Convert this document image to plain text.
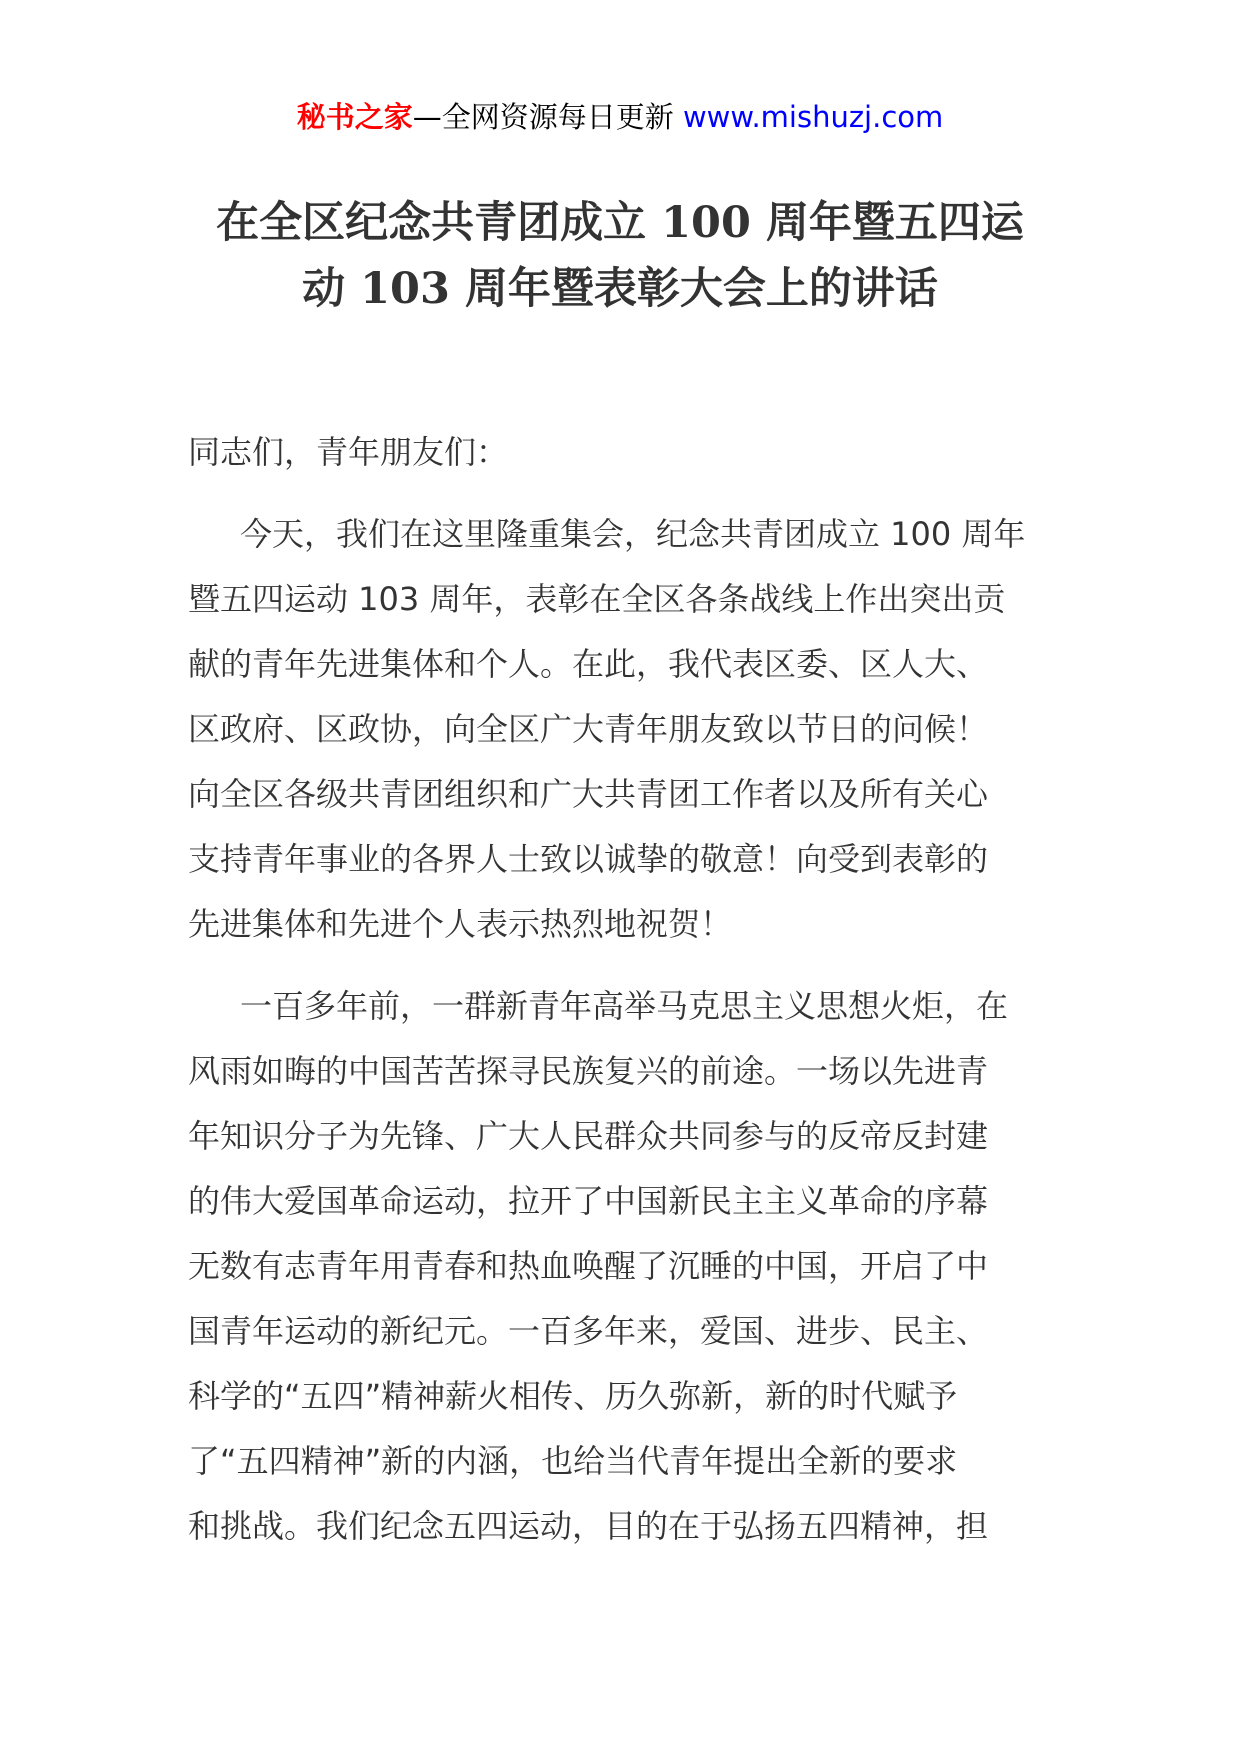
秘书之家—全网资源每日更新 www.mishuzj.com
在全区纪念共青团成立 100 周年暨五四运
动 103 周年暨表彰大会上的讲话
同志们，青年朋友们：
今天，我们在这里隆重集会，纪念共青团成立 100 周年
暨五四运动 103 周年，表彰在全区各条战线上作出突出贡
献的青年先进集体和个人。在此，我代表区委、区人大、
区政府、区政协，向全区广大青年朋友致以节日的问候！
向全区各级共青团组织和广大共青团工作者以及所有关心
支持青年事业的各界人士致以诚挚的敬意！向受到表彰的
先进集体和先进个人表示热烈地祝贺！
一百多年前，一群新青年高举马克思主义思想火炬，在
风雨如晦的中国苦苦探寻民族复兴的前途。一场以先进青
年知识分子为先锋、广大人民群众共同参与的反帝反封建
的伟大爱国革命运动，拉开了中国新民主主义革命的序幕
无数有志青年用青春和热血唤醒了沉睡的中国，开启了中
国青年运动的新纪元。一百多年来，爱国、进步、民主、
科学的“五四”精神薪火相传、历久弥新，新的时代赋予
了“五四精神”新的内涵，也给当代青年提出全新的要求
和挑战。我们纪念五四运动，目的在于弘扬五四精神，担
